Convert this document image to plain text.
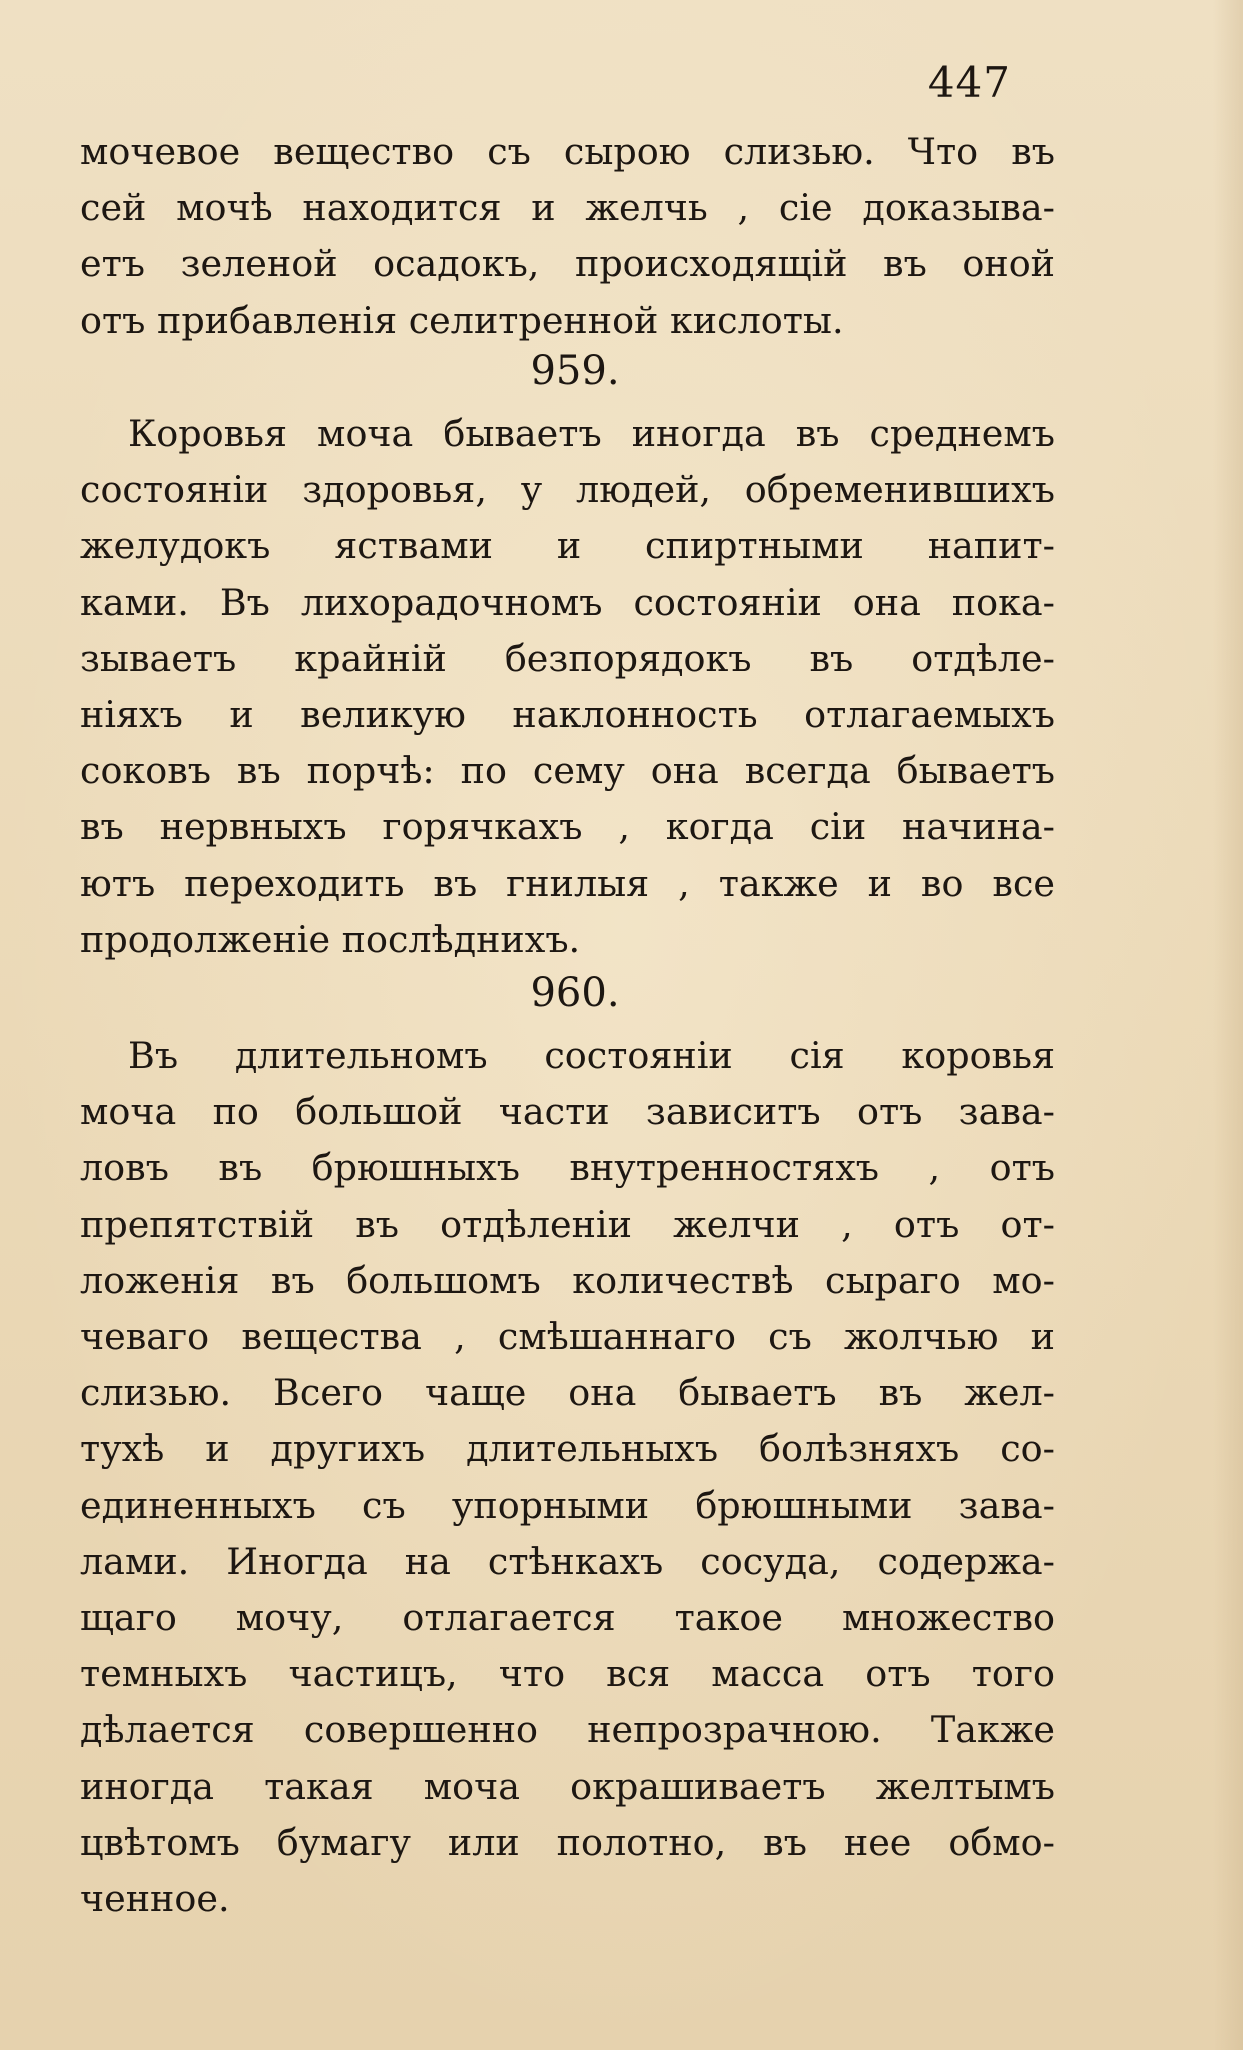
447
мочевое вещество съ сырою слизью. Что въ
сей мочѣ находится и желчь , сіе доказыва-
етъ зеленой осадокъ, происходящій въ оной
отъ прибавленія селитренной кислоты.
959.
Коровья моча бываетъ иногда въ среднемъ
состояніи здоровья, у людей, обременившихъ
желудокъ яствами и спиртными напит-
ками. Въ лихорадочномъ состояніи она пока-
зываетъ крайній безпорядокъ въ отдѣле-
ніяхъ и великую наклонность отлагаемыхъ
соковъ въ порчѣ: по сему она всегда бываетъ
въ нервныхъ горячкахъ , когда сіи начина-
ютъ переходить въ гнилыя , также и во все
продолженіе послѣднихъ.
960.
Въ длительномъ состояніи сія коровья
моча по большой части зависитъ отъ зава-
ловъ въ брюшныхъ внутренностяхъ , отъ
препятствій въ отдѣленіи желчи , отъ от-
ложенія въ большомъ количествѣ сыраго мо-
чеваго вещества , смѣшаннаго съ жолчью и
слизью. Всего чаще она бываетъ въ жел-
тухѣ и другихъ длительныхъ болѣзняхъ со-
единенныхъ съ упорными брюшными зава-
лами. Иногда на стѣнкахъ сосуда, содержа-
щаго мочу, отлагается такое множество
темныхъ частицъ, что вся масса отъ того
дѣлается совершенно непрозрачною. Также
иногда такая моча окрашиваетъ желтымъ
цвѣтомъ бумагу или полотно, въ нее обмо-
ченное.
